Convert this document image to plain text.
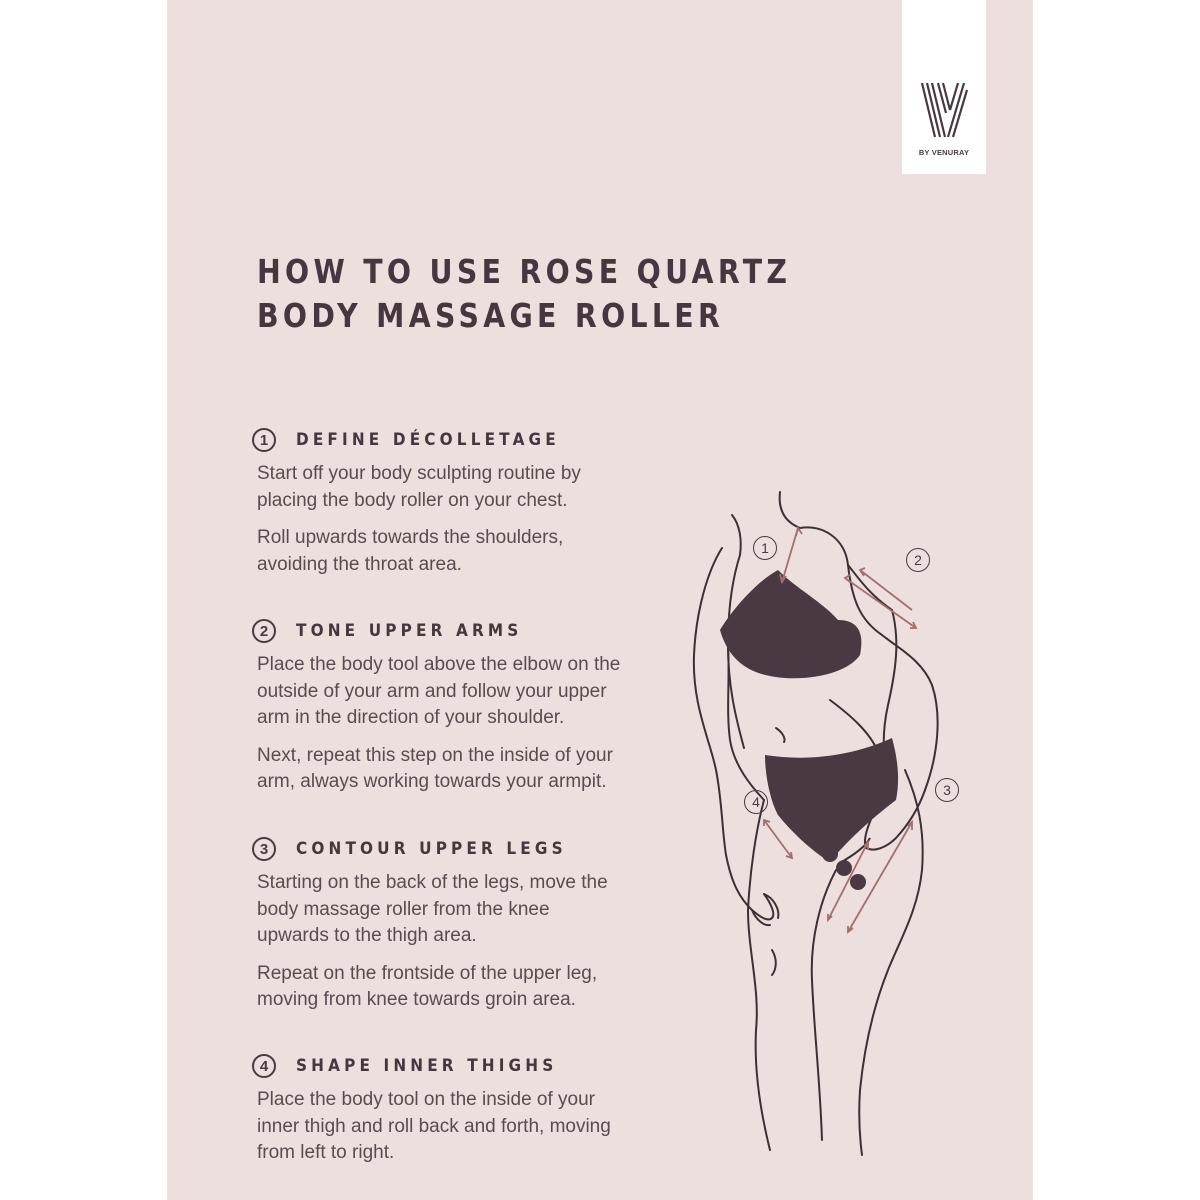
BY VENURAY
HOW TO USE ROSE QUARTZ
BODY MASSAGE ROLLER
1	DEFINE DÉCOLLETAGE

Start off your body sculpting routine by
placing the body roller on your chest.

Roll upwards towards the shoulders,
avoiding the throat area.

2	TONE UPPER ARMS

Place the body tool above the elbow on the
outside of your arm and follow your upper
arm in the direction of your shoulder.

Next, repeat this step on the inside of your
arm, always working towards your armpit.

3	CONTOUR UPPER LEGS

Starting on the back of the legs, move the
body massage roller from the knee
upwards to the thigh area.

Repeat on the frontside of the upper leg,
moving from knee towards groin area.

4	SHAPE INNER THIGHS

Place the body tool on the inside of your
inner thigh and roll back and forth, moving
from left to right.

1
2
3
4
